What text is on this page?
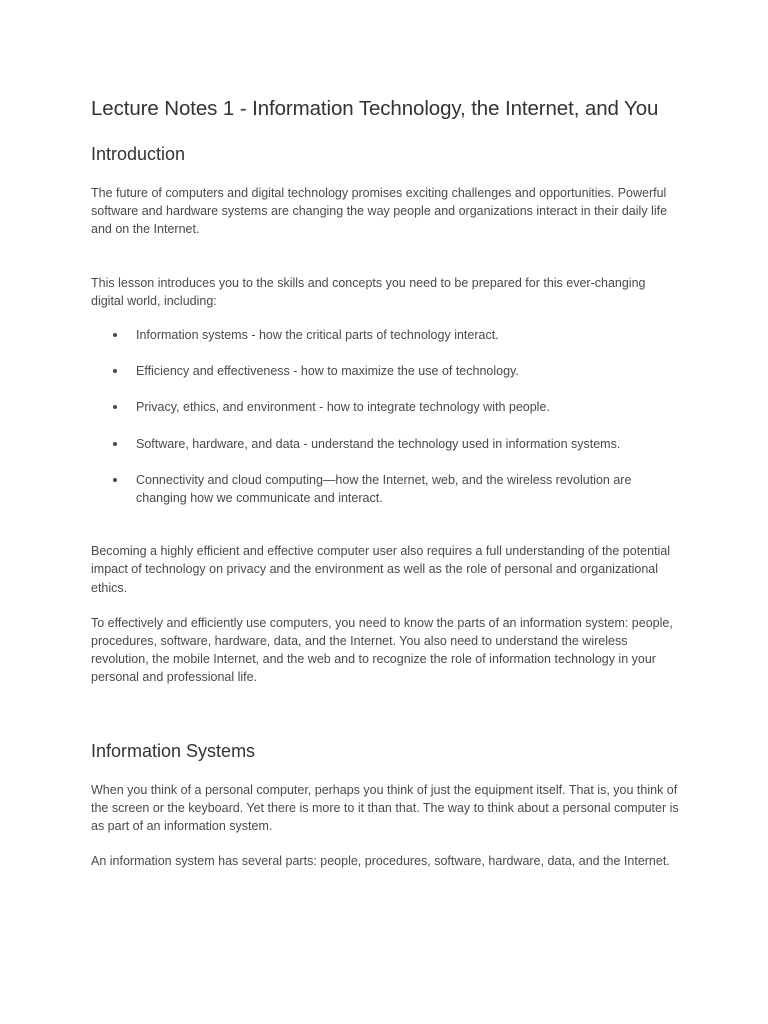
Lecture Notes 1 - Information Technology, the Internet, and You
Introduction

The future of computers and digital technology promises exciting challenges and opportunities. Powerful software and hardware systems are changing the way people and organizations interact in their daily life and on the Internet.

This lesson introduces you to the skills and concepts you need to be prepared for this ever-changing digital world, including:

Information systems - how the critical parts of technology interact.
Efficiency and effectiveness - how to maximize the use of technology.
Privacy, ethics, and environment - how to integrate technology with people.
Software, hardware, and data - understand the technology used in information systems.
Connectivity and cloud computing—how the Internet, web, and the wireless revolution are changing how we communicate and interact.

Becoming a highly efficient and effective computer user also requires a full understanding of the potential impact of technology on privacy and the environment as well as the role of personal and organizational ethics.

To effectively and efficiently use computers, you need to know the parts of an information system: people, procedures, software, hardware, data, and the Internet. You also need to understand the wireless revolution, the mobile Internet, and the web and to recognize the role of information technology in your personal and professional life.

Information Systems

When you think of a personal computer, perhaps you think of just the equipment itself. That is, you think of the screen or the keyboard. Yet there is more to it than that. The way to think about a personal computer is as part of an information system.

An information system has several parts: people, procedures, software, hardware, data, and the Internet.
